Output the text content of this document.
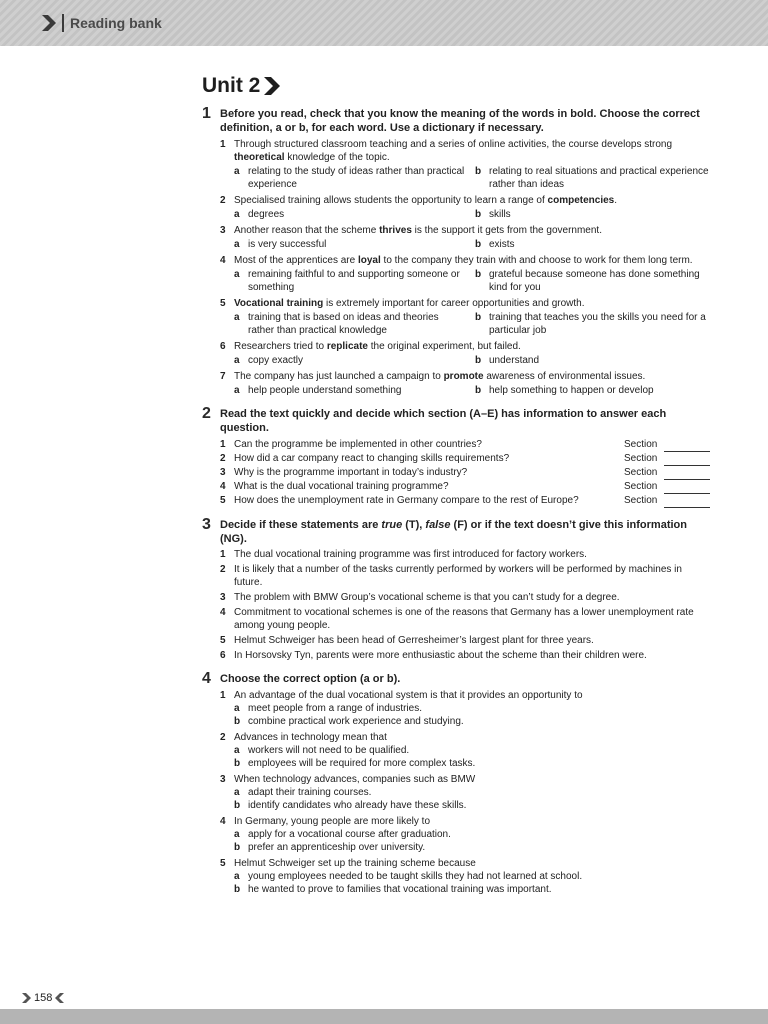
Reading bank
Unit 2
1 Before you read, check that you know the meaning of the words in bold. Choose the correct definition, a or b, for each word. Use a dictionary if necessary.
1 Through structured classroom teaching and a series of online activities, the course develops strong theoretical knowledge of the topic.
a relating to the study of ideas rather than practical experience
b relating to real situations and practical experience rather than ideas
2 Specialised training allows students the opportunity to learn a range of competencies.
a degrees	b skills
3 Another reason that the scheme thrives is the support it gets from the government.
a is very successful	b exists
4 Most of the apprentices are loyal to the company they train with and choose to work for them long term.
a remaining faithful to and supporting someone or something
b grateful because someone has done something kind for you
5 Vocational training is extremely important for career opportunities and growth.
a training that is based on ideas and theories rather than practical knowledge
b training that teaches you the skills you need for a particular job
6 Researchers tried to replicate the original experiment, but failed.
a copy exactly	b understand
7 The company has just launched a campaign to promote awareness of environmental issues.
a help people understand something	b help something to happen or develop
2 Read the text quickly and decide which section (A–E) has information to answer each question.
1 Can the programme be implemented in other countries?	Section
2 How did a car company react to changing skills requirements?	Section
3 Why is the programme important in today’s industry?	Section
4 What is the dual vocational training programme?	Section
5 How does the unemployment rate in Germany compare to the rest of Europe?	Section
3 Decide if these statements are true (T), false (F) or if the text doesn’t give this information (NG).
1 The dual vocational training programme was first introduced for factory workers.
2 It is likely that a number of the tasks currently performed by workers will be performed by machines in future.
3 The problem with BMW Group’s vocational scheme is that you can’t study for a degree.
4 Commitment to vocational schemes is one of the reasons that Germany has a lower unemployment rate among young people.
5 Helmut Schweiger has been head of Gerresheimer’s largest plant for three years.
6 In Horsovsky Tyn, parents were more enthusiastic about the scheme than their children were.
4 Choose the correct option (a or b).
1 An advantage of the dual vocational system is that it provides an opportunity to
a meet people from a range of industries.
b combine practical work experience and studying.
2 Advances in technology mean that
a workers will not need to be qualified.
b employees will be required for more complex tasks.
3 When technology advances, companies such as BMW
a adapt their training courses.
b identify candidates who already have these skills.
4 In Germany, young people are more likely to
a apply for a vocational course after graduation.
b prefer an apprenticeship over university.
5 Helmut Schweiger set up the training scheme because
a young employees needed to be taught skills they had not learned at school.
b he wanted to prove to families that vocational training was important.
158
